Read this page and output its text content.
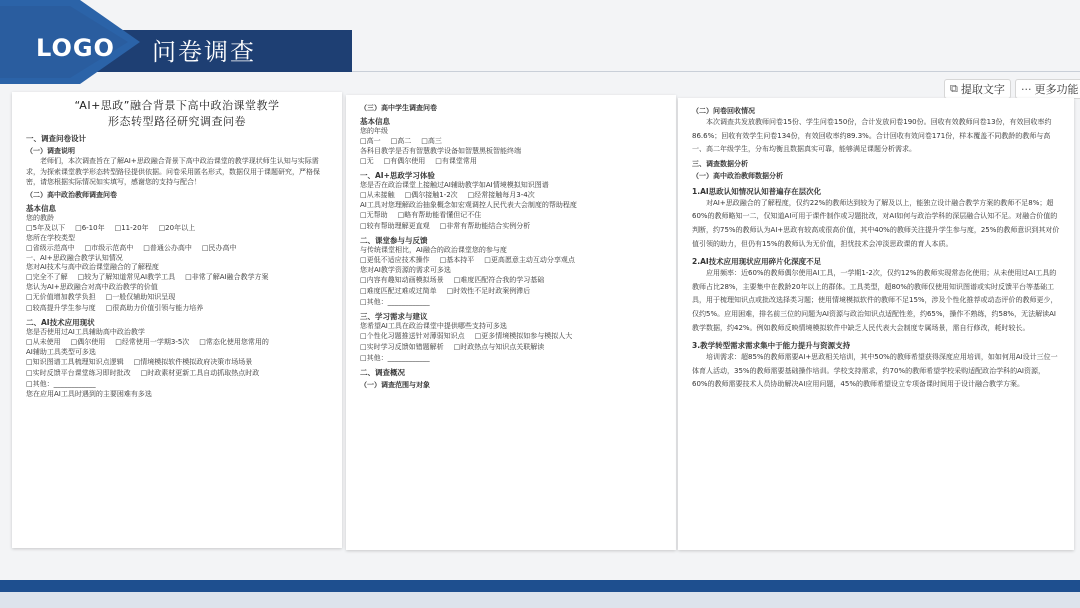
LOGO 问卷调查
⧉ 提取文字 ··· 更多功能
“AI+思政”融合背景下高中政治课堂教学
形态转型路径研究调查问卷
一、调查问卷设计
（一）调查说明
老师们，本次调查旨在了解AI+思政融合背景下高中政治课堂的教学现状师生认知与实际需求，为探索课堂教学形态转型路径提供依据。问卷采用匿名形式，数据仅用于课题研究，严格保密，请您根据实际情况如实填写，感谢您的支持与配合！
（二）高中政治教师调查问卷
基本信息
您的教龄
□5年及以下 □6-10年 □11-20年 □20年以上
您所在学校类型
□省级示范高中 □市级示范高中 □普通公办高中 □民办高中
一、AI+思政融合教学认知情况
您对AI技术与高中政治课堂融合的了解程度
□完全不了解 □较为了解知道常见AI教学工具 □非常了解AI融合教学方案
您认为AI+思政融合对高中政治教学的价值
□无价值增加教学负担 □一般仅辅助知识呈现
□较高提升学生参与度 □很高助力价值引领与能力培养
二、AI技术应用现状
您是否使用过AI工具辅助高中政治教学
□从未使用 □偶尔使用 □经常使用一学期3-5次 □常态化使用您常用的
AI辅助工具类型可多选
□知识图谱工具梳理知识点逻辑 □情境模拟软件模拟政府决策市场场景
□实时反馈平台课堂练习即时批改 □时政素材更新工具自动抓取热点时政
□其他：____________
您在应用AI工具时遇到的主要困难有多选
（三）高中学生调查问卷
基本信息
您的年级
□高一 □高二 □高三
各科目教学是否有智慧教学设备如智慧黑板智能终端
□无 □有偶尔使用 □有课堂常用
一、AI+思政学习体验
您是否在政治课堂上接触过AI辅助教学如AI情境模拟知识图谱
□从未接触 □偶尔接触1-2次 □经常接触每月3-4次
AI工具对您理解政治抽象概念如宏观调控人民代表大会制度的帮助程度
□无帮助 □略有帮助能看懂但记不住
□较有帮助理解更直观 □非常有帮助能结合实例分析
二、课堂参与与反馈
与传统课堂相比，AI融合的政治课堂您的参与度
□更低不适应技术操作 □基本持平 □更高愿意主动互动分享观点
您对AI教学资源的需求可多选
□内容有趣知动画模拟场景 □难度匹配符合我的学习基础
□难度匹配过难或过简单 □时效性不足时政案例滞后
□其他：____________
三、学习需求与建议
您希望AI工具在政治课堂中提供哪些支持可多选
□个性化习题推送针对薄弱知识点 □更多情境模拟如参与模拟人大
□实时学习反馈如错题解析 □时政热点与知识点关联解读
□其他：____________
二、调查概况
（一）调查范围与对象
（二）问卷回收情况
本次调查共发放教师问卷15份、学生问卷150份，合计发放问卷190份。回收有效教师问卷13份，有效回收率约86.6%；回收有效学生问卷134份，有效回收率约89.3%。合计回收有效问卷171份，样本覆盖不同教龄的教师与高一、高二年级学生，分布均衡且数据真实可靠，能够满足课题分析需求。
三、调查数据分析
（一）高中政治教师数据分析
1.AI思政认知情况认知普遍存在层次化
对AI+思政融合的了解程度，仅约22%的教师达到较为了解及以上，能独立设计融合教学方案的教师不足8%；超60%的教师略知一二，仅知道AI可用于课件制作或习题批改，对AI如何与政治学科的深层融合认知不足。对融合价值的判断，约75%的教师认为AI+思政有较高或很高价值，其中40%的教师关注提升学生参与度，25%的教师意识到其对价值引领的助力，但仍有15%的教师认为无价值，担忧技术会冲淡思政课的育人本质。
2.AI技术应用现状应用碎片化深度不足
应用频率：近60%的教师偶尔使用AI工具，一学期1-2次，仅约12%的教师实现常态化使用；从未使用过AI工具的教师占比28%，主要集中在教龄20年以上的群体。工具类型，超80%的教师仅使用知识图谱或实时反馈平台等基础工具，用于梳理知识点或批改选择类习题；使用情境模拟软件的教师不足15%，涉及个性化推荐或动态评价的教师更少，仅约5%。应用困难，排名前三位的问题为AI资源与政治知识点适配性差，约65%，操作不熟练，约58%，无法解读AI教学数据，约42%。例如教师反映情境模拟软件中缺乏人民代表大会制度专属场景，需自行修改，耗时较长。
3.教学转型需求需求集中于能力提升与资源支持
培训需求：超85%的教师需要AI+思政相关培训，其中50%的教师希望获得深度应用培训，如如何用AI设计三位一体育人活动，35%的教师需要基础操作培训。学校支持需求，约70%的教师希望学校采购适配政治学科的AI资源，60%的教师需要技术人员协助解决AI应用问题，45%的教师希望设立专项备课时间用于设计融合教学方案。
